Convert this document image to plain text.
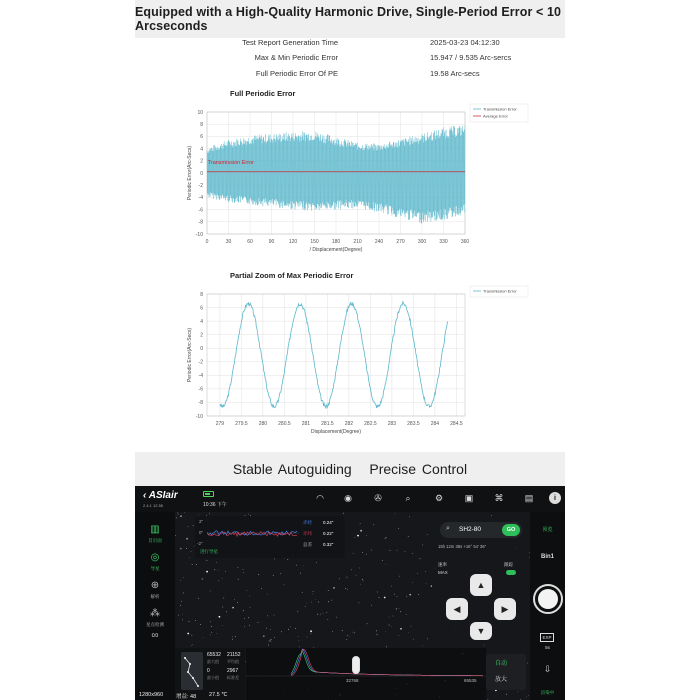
Equipped with a High-Quality Harmonic Drive, Single-Period Error < 10 Arcseconds
Test Report Generation Time	2025-03-23 04:12:30
Max & Min Periodic Error	15.947 / 9.535 Arc-sercs
Full Periodic Error Of PE	19.58 Arc-secs
Full Periodic Error
10
8
6
4
2
0
-2
-4
-6
-8
-10
0	30	60	90	120	150	180	210	240	270	300	330	360
/ Displacement(Degree)
Periodic Error(Arc-Secs)
Transmission Error
Average Error
Transmission Error
Partial Zoom of Max Periodic Error
8
6
4
2
0
-2
-4
-6
-8
-10
279 279.5 280 280.5 281 281.5 282 282.5 283 283.5 284 284.5
Displacement(Degree)
Periodic Error(Arc-Secs)
Transmission Error
Stable Autoguiding   Precise Control
‹ ASIair
2.4.1 12.55	10:36 下午
◠	◉	✇	⌕	⚙	▣	⌘	▤	i
▥
首页面
◎
导星
⊕
解析
⁂
星点检测
∞
2"
0"
-2"
进行导星
赤经 0.24"
赤纬 0.22"
总差 0.32"
⌕ SH2-80	GO
15h 12m 38s +16° 54′ 36″
速率
MAX
跟踪
▲
◀	▶
▼
预览
Bin1
EXP
5s
⇩
渲染中
65532
最大值
21152
平均值
0
最小值
2967
标准差
32768	65535
自动
放大
1280x960 增益: 48 27.5 ℃
